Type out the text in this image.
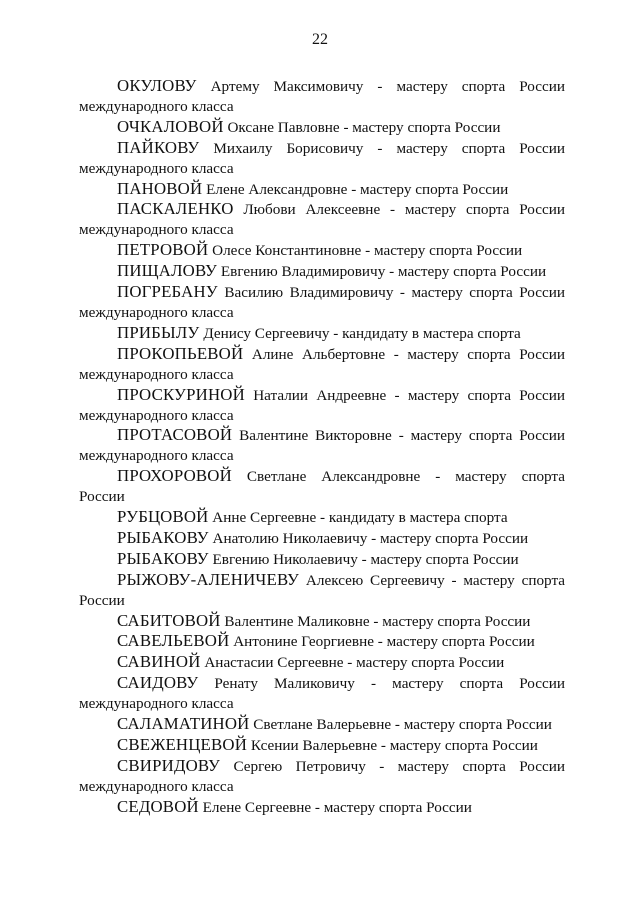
22

ОКУЛОВУ Артему Максимовичу - мастеру спорта России
международного класса

ОЧКАЛОВОЙ Оксане Павловне - мастеру спорта России

ПАЙКОВУ Михаилу Борисовичу - мастеру спорта России
международного класса

ПАНОВОЙ Елене Александровне - мастеру спорта России

ПАСКАЛЕНКО Любови Алексеевне - мастеру спорта России
международного класса

ПЕТРОВОЙ Олесе Константиновне - мастеру спорта России

ПИЩАЛОВУ Евгению Владимировичу - мастеру спорта России

ПОГРЕБАНУ Василию Владимировичу - мастеру спорта России
международного класса

ПРИБЫЛУ Денису Сергеевичу - кандидату в мастера спорта

ПРОКОПЬЕВОЙ Алине Альбертовне - мастеру спорта России
международного класса

ПРОСКУРИНОЙ Наталии Андреевне - мастеру спорта России
международного класса

ПРОТАСОВОЙ Валентине Викторовне - мастеру спорта России
международного класса

ПРОХОРОВОЙ Светлане Александровне - мастеру спорта
России

РУБЦОВОЙ Анне Сергеевне - кандидату в мастера спорта

РЫБАКОВУ Анатолию Николаевичу - мастеру спорта России

РЫБАКОВУ Евгению Николаевичу - мастеру спорта России

РЫЖОВУ-АЛЕНИЧЕВУ Алексею Сергеевичу - мастеру спорта
России

САБИТОВОЙ Валентине Маликовне - мастеру спорта России

САВЕЛЬЕВОЙ Антонине Георгиевне - мастеру спорта России

САВИНОЙ Анастасии Сергеевне - мастеру спорта России

САИДОВУ Ренату Маликовичу - мастеру спорта России
международного класса

САЛАМАТИНОЙ Светлане Валерьевне - мастеру спорта России

СВЕЖЕНЦЕВОЙ Ксении Валерьевне - мастеру спорта России

СВИРИДОВУ Сергею Петровичу - мастеру спорта России
международного класса

СЕДОВОЙ Елене Сергеевне - мастеру спорта России
